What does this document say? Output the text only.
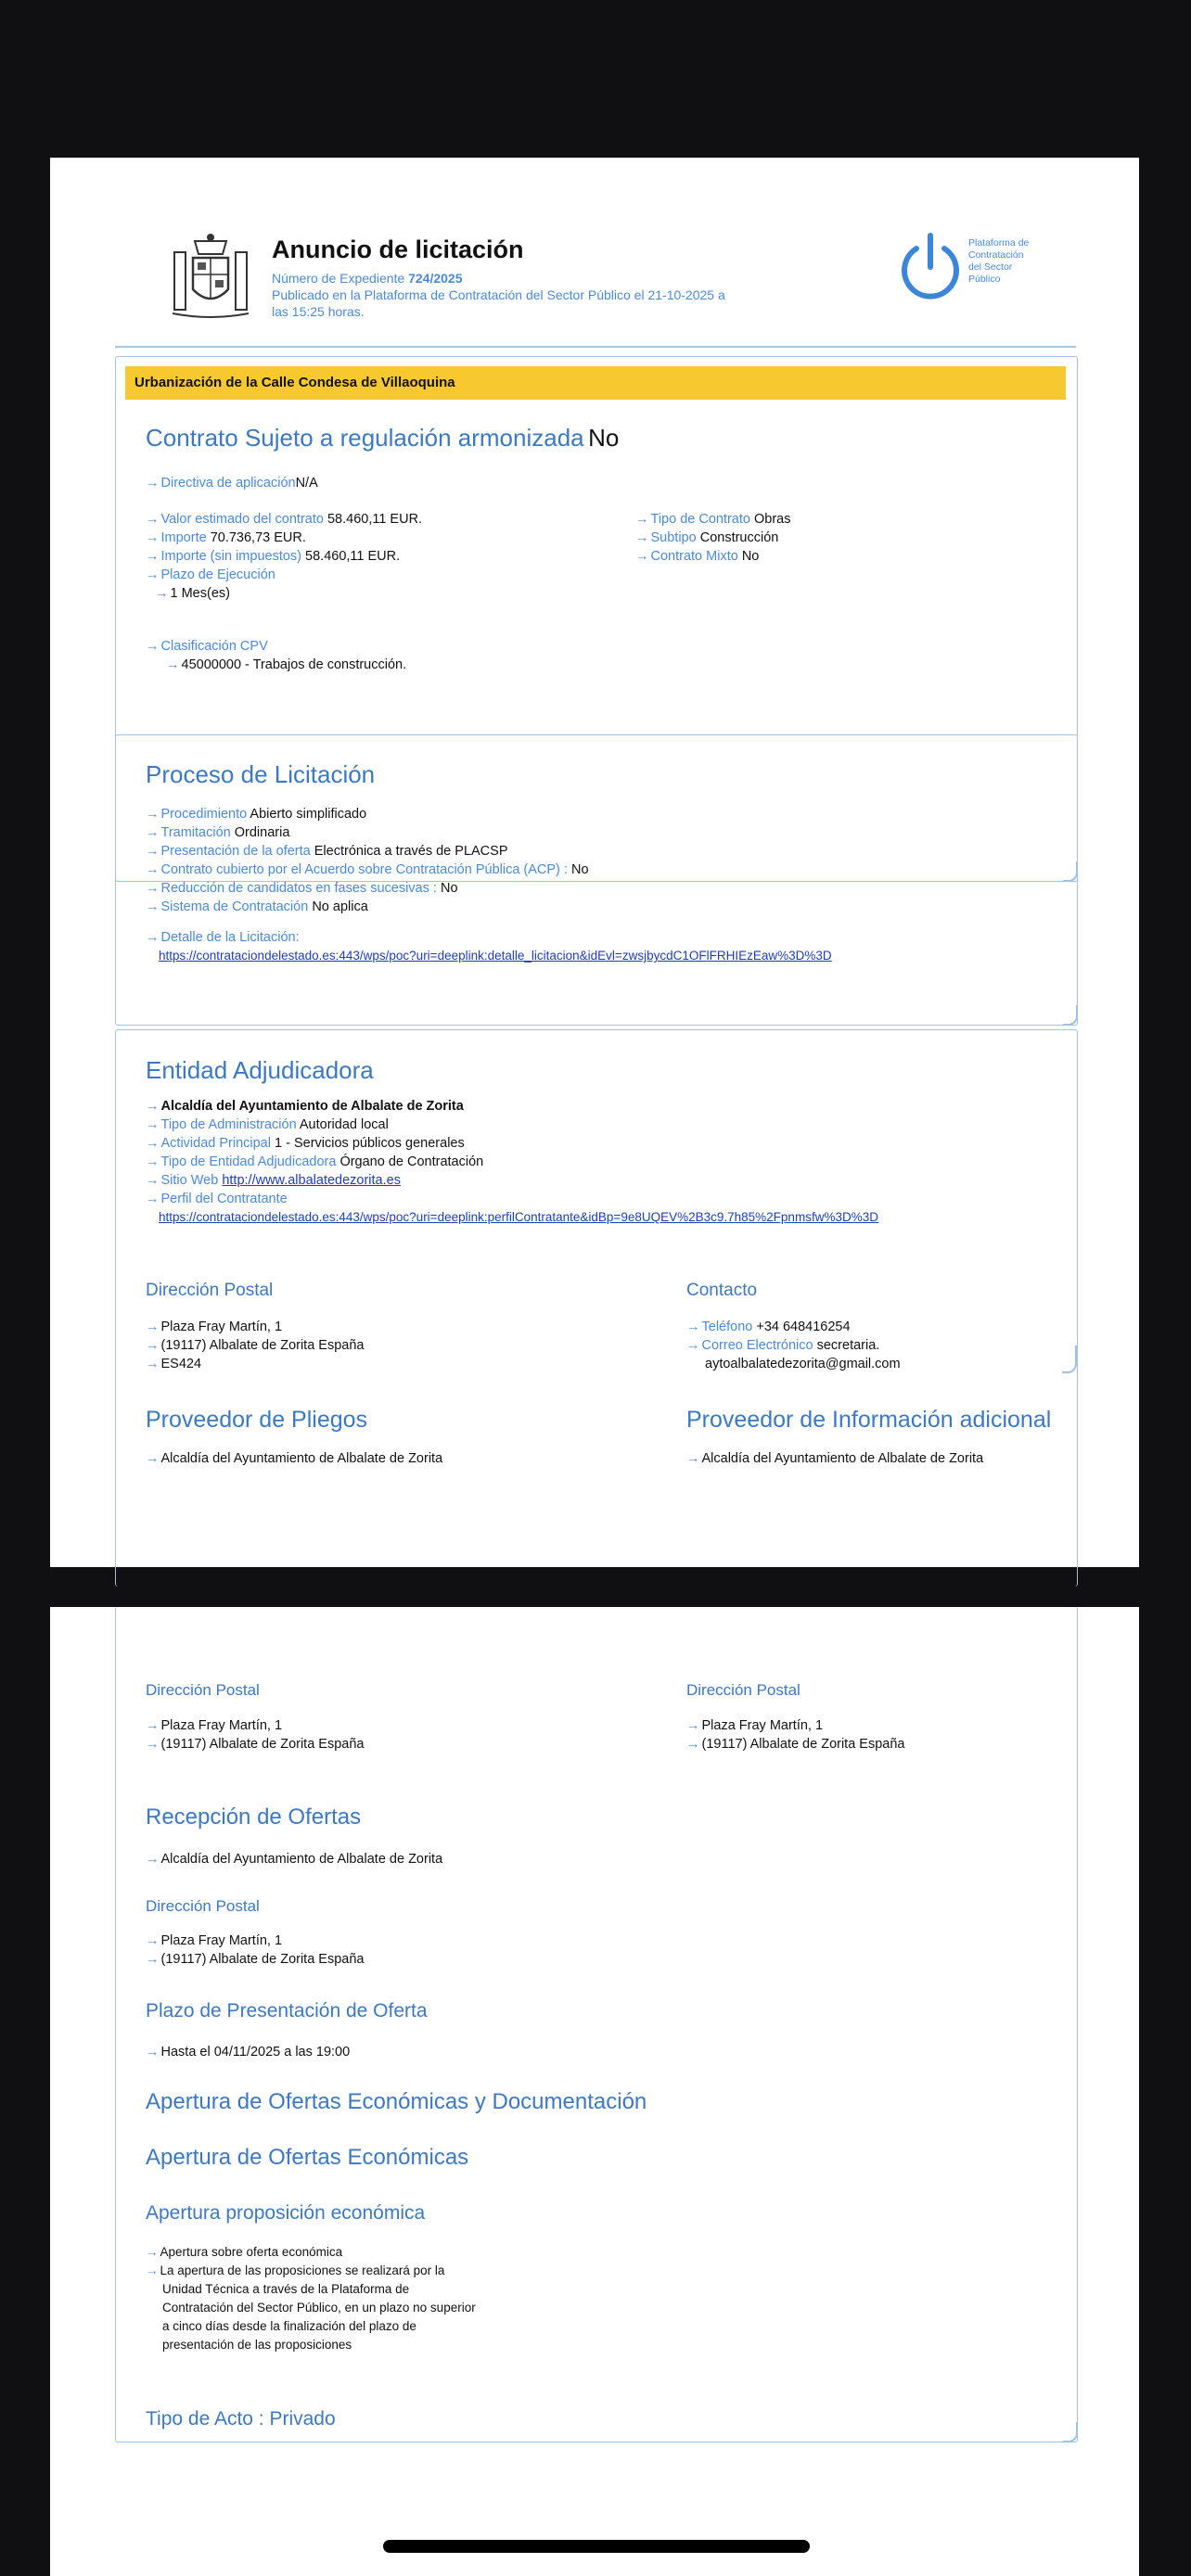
Anuncio de licitación
Número de Expediente 724/2025
Publicado en la Plataforma de Contratación del Sector Público el 21-10-2025 a
las 15:25 horas.
Plataforma de
Contratación
del Sector
Público
Urbanización de la Calle Condesa de Villaoquina
Contrato Sujeto a regulación armonizada No
→ Directiva de aplicaciónN/A
→ Valor estimado del contrato 58.460,11 EUR.
→ Importe 70.736,73 EUR.
→ Importe (sin impuestos) 58.460,11 EUR.
→ Plazo de Ejecución
→ 1 Mes(es)
→ Tipo de Contrato Obras
→ Subtipo Construcción
→ Contrato Mixto No
→ Clasificación CPV
→ 45000000 - Trabajos de construcción.
Proceso de Licitación
→ Procedimiento Abierto simplificado
→ Tramitación Ordinaria
→ Presentación de la oferta Electrónica a través de PLACSP
→ Contrato cubierto por el Acuerdo sobre Contratación Pública (ACP) : No
→ Reducción de candidatos en fases sucesivas : No
→ Sistema de Contratación No aplica
→ Detalle de la Licitación:
https://contrataciondelestado.es:443/wps/poc?uri=deeplink:detalle_licitacion&idEvl=zwsjbycdC1OFlFRHIEzEaw%3D%3D
Entidad Adjudicadora
→ Alcaldía del Ayuntamiento de Albalate de Zorita
→ Tipo de Administración Autoridad local
→ Actividad Principal 1 - Servicios públicos generales
→ Tipo de Entidad Adjudicadora Órgano de Contratación
→ Sitio Web http://www.albalatedezorita.es
→ Perfil del Contratante
https://contrataciondelestado.es:443/wps/poc?uri=deeplink:perfilContratante&idBp=9e8UQEV%2B3c9.7h85%2Fpnmsfw%3D%3D
Dirección Postal
→ Plaza Fray Martín, 1
→ (19117) Albalate de Zorita España
→ ES424
Contacto
→ Teléfono +34 648416254
→ Correo Electrónico secretaria.
aytoalbalatedezorita@gmail.com
Proveedor de Pliegos
→ Alcaldía del Ayuntamiento de Albalate de Zorita
Proveedor de Información adicional
→ Alcaldía del Ayuntamiento de Albalate de Zorita
Dirección Postal
→ Plaza Fray Martín, 1
→ (19117) Albalate de Zorita España
Dirección Postal
→ Plaza Fray Martín, 1
→ (19117) Albalate de Zorita España
Recepción de Ofertas
→ Alcaldía del Ayuntamiento de Albalate de Zorita
Dirección Postal
→ Plaza Fray Martín, 1
→ (19117) Albalate de Zorita España
Plazo de Presentación de Oferta
→ Hasta el 04/11/2025 a las 19:00
Apertura de Ofertas Económicas y Documentación
Apertura de Ofertas Económicas
Apertura proposición económica
→ Apertura sobre oferta económica
→ La apertura de las proposiciones se realizará por la
Unidad Técnica a través de la Plataforma de
Contratación del Sector Público, en un plazo no superior
a cinco días desde la finalización del plazo de
presentación de las proposiciones
Tipo de Acto : Privado
